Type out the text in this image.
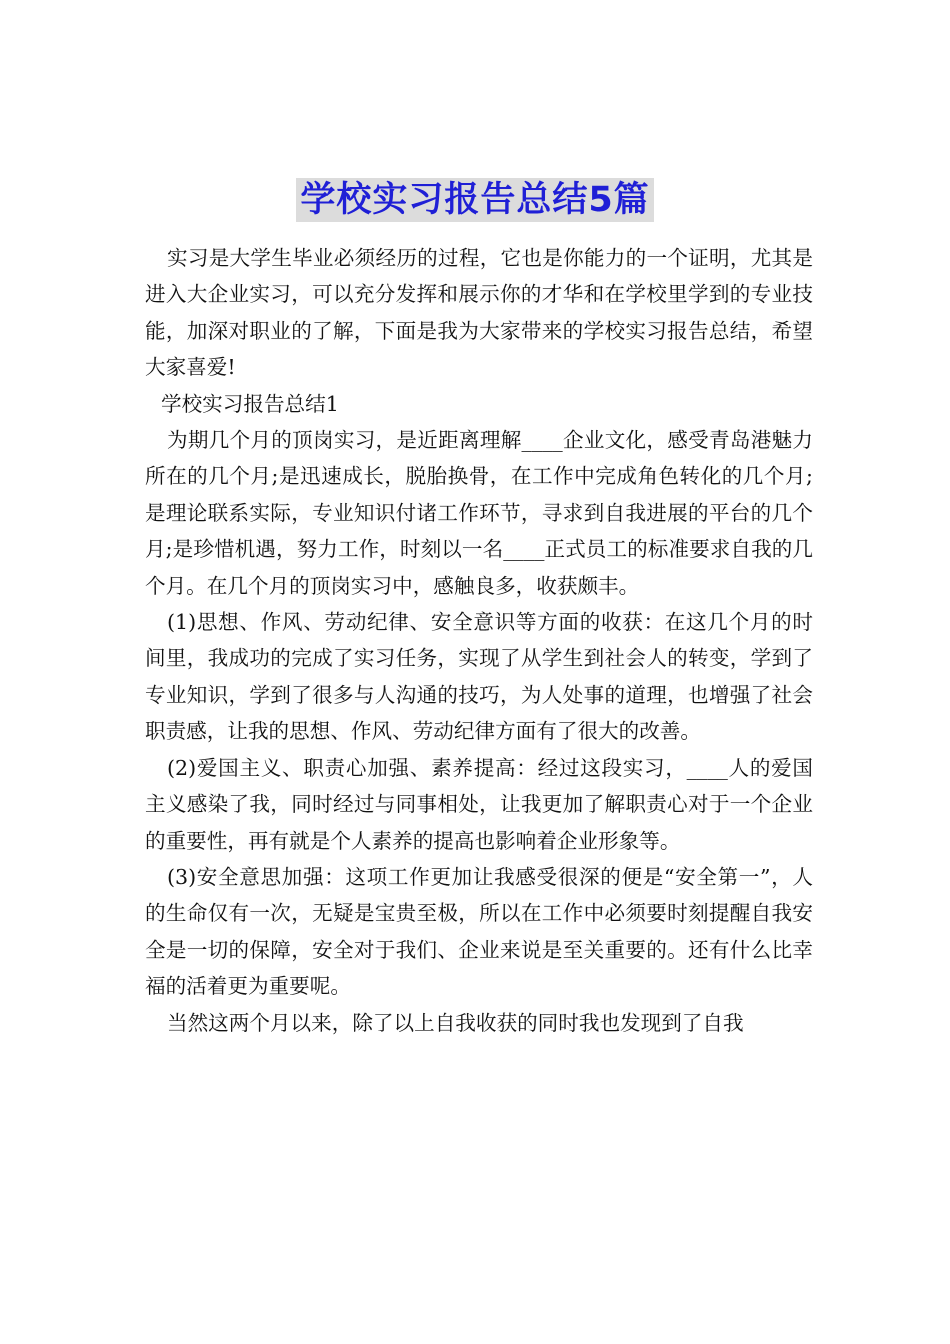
学校实习报告总结5篇

实习是大学生毕业必须经历的过程，它也是你能力的一个证明，尤其是进入大企业实习，可以充分发挥和展示你的才华和在学校里学到的专业技能，加深对职业的了解，下面是我为大家带来的学校实习报告总结，希望大家喜爱!

学校实习报告总结1

为期几个月的顶岗实习，是近距离理解____企业文化，感受青岛港魅力所在的几个月;是迅速成长，脱胎换骨，在工作中完成角色转化的几个月;是理论联系实际，专业知识付诸工作环节，寻求到自我进展的平台的几个月;是珍惜机遇，努力工作，时刻以一名____正式员工的标准要求自我的几个月。在几个月的顶岗实习中，感触良多，收获颇丰。

(1)思想、作风、劳动纪律、安全意识等方面的收获：在这几个月的时间里，我成功的完成了实习任务，实现了从学生到社会人的转变，学到了专业知识，学到了很多与人沟通的技巧，为人处事的道理，也增强了社会职责感，让我的思想、作风、劳动纪律方面有了很大的改善。

(2)爱国主义、职责心加强、素养提高：经过这段实习，____人的爱国主义感染了我，同时经过与同事相处，让我更加了解职责心对于一个企业的重要性，再有就是个人素养的提高也影响着企业形象等。

(3)安全意思加强：这项工作更加让我感受很深的便是“安全第一”，人的生命仅有一次，无疑是宝贵至极，所以在工作中必须要时刻提醒自我安全是一切的保障，安全对于我们、企业来说是至关重要的。还有什么比幸福的活着更为重要呢。

当然这两个月以来，除了以上自我收获的同时我也发现到了自我
